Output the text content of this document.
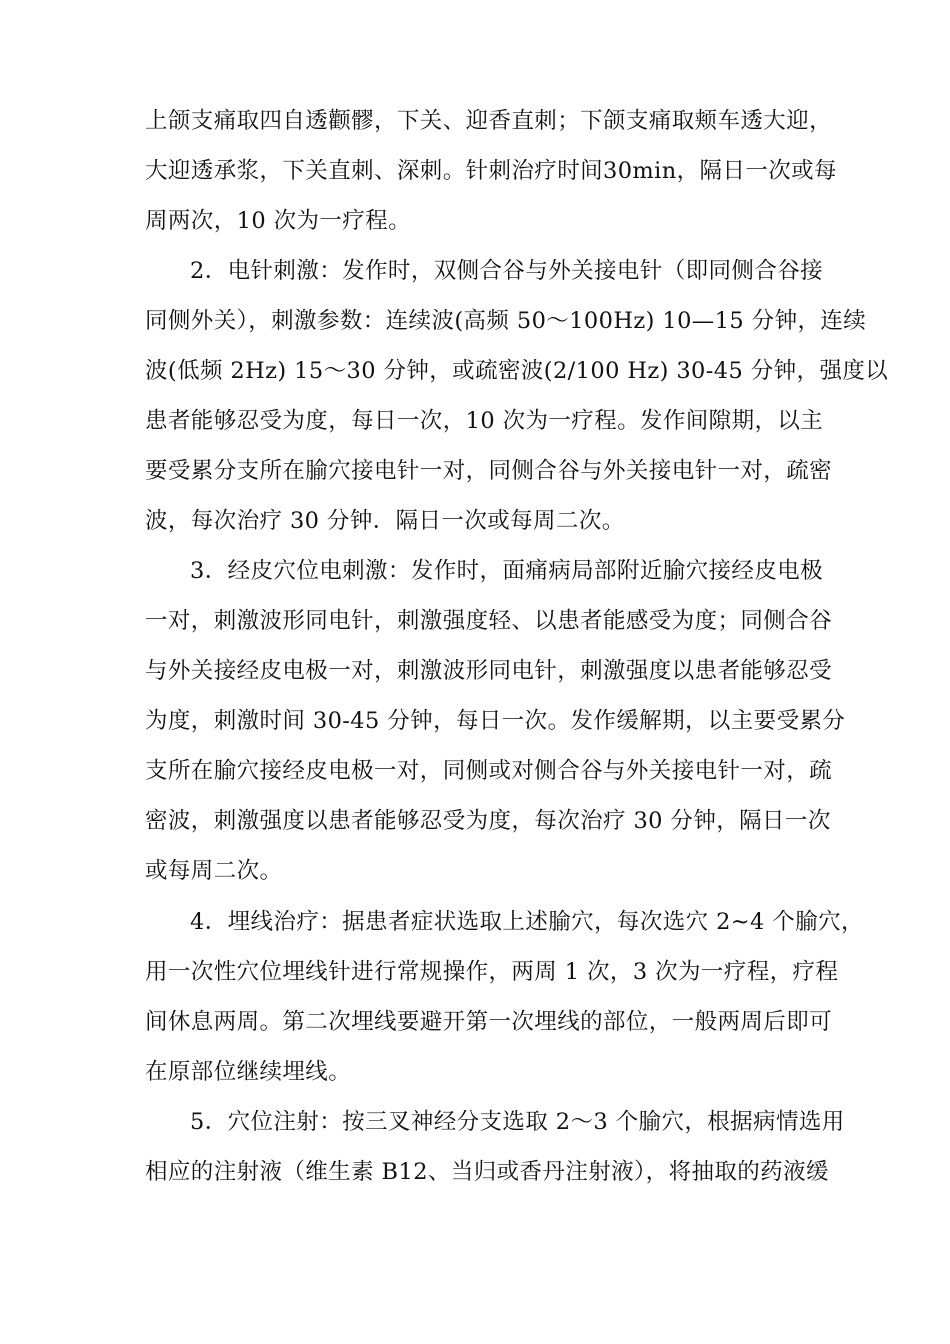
上颌支痛取四自透颧髎，下关、迎香直刺；下颌支痛取颊车透大迎，
大迎透承浆，下关直刺、深刺。针刺治疗时间30min，隔日一次或每
周两次，10 次为一疗程。
2．电针刺激：发作时，双侧合谷与外关接电针（即同侧合谷接
同侧外关），刺激参数：连续波(高频 50～100Hz) 10—15 分钟，连续
波(低频 2Hz) 15～30 分钟，或疏密波(2/100 Hz) 30-45 分钟，强度以
患者能够忍受为度，每日一次，10 次为一疗程。发作间隙期，以主
要受累分支所在腧穴接电针一对，同侧合谷与外关接电针一对，疏密
波，每次治疗 30 分钟．隔日一次或每周二次。
3．经皮穴位电刺激：发作时，面痛病局部附近腧穴接经皮电极
一对，刺激波形同电针，刺激强度轻、以患者能感受为度；同侧合谷
与外关接经皮电极一对，刺激波形同电针，刺激强度以患者能够忍受
为度，刺激时间 30-45 分钟，每日一次。发作缓解期，以主要受累分
支所在腧穴接经皮电极一对，同侧或对侧合谷与外关接电针一对，疏
密波，刺激强度以患者能够忍受为度，每次治疗 30 分钟，隔日一次
或每周二次。
4．埋线治疗：据患者症状选取上述腧穴，每次选穴 2~4 个腧穴，
用一次性穴位埋线针进行常规操作，两周 1 次，3 次为一疗程，疗程
间休息两周。第二次埋线要避开第一次埋线的部位，一般两周后即可
在原部位继续埋线。
5．穴位注射：按三叉神经分支选取 2～3 个腧穴，根据病情选用
相应的注射液（维生素 B12、当归或香丹注射液），将抽取的药液缓
